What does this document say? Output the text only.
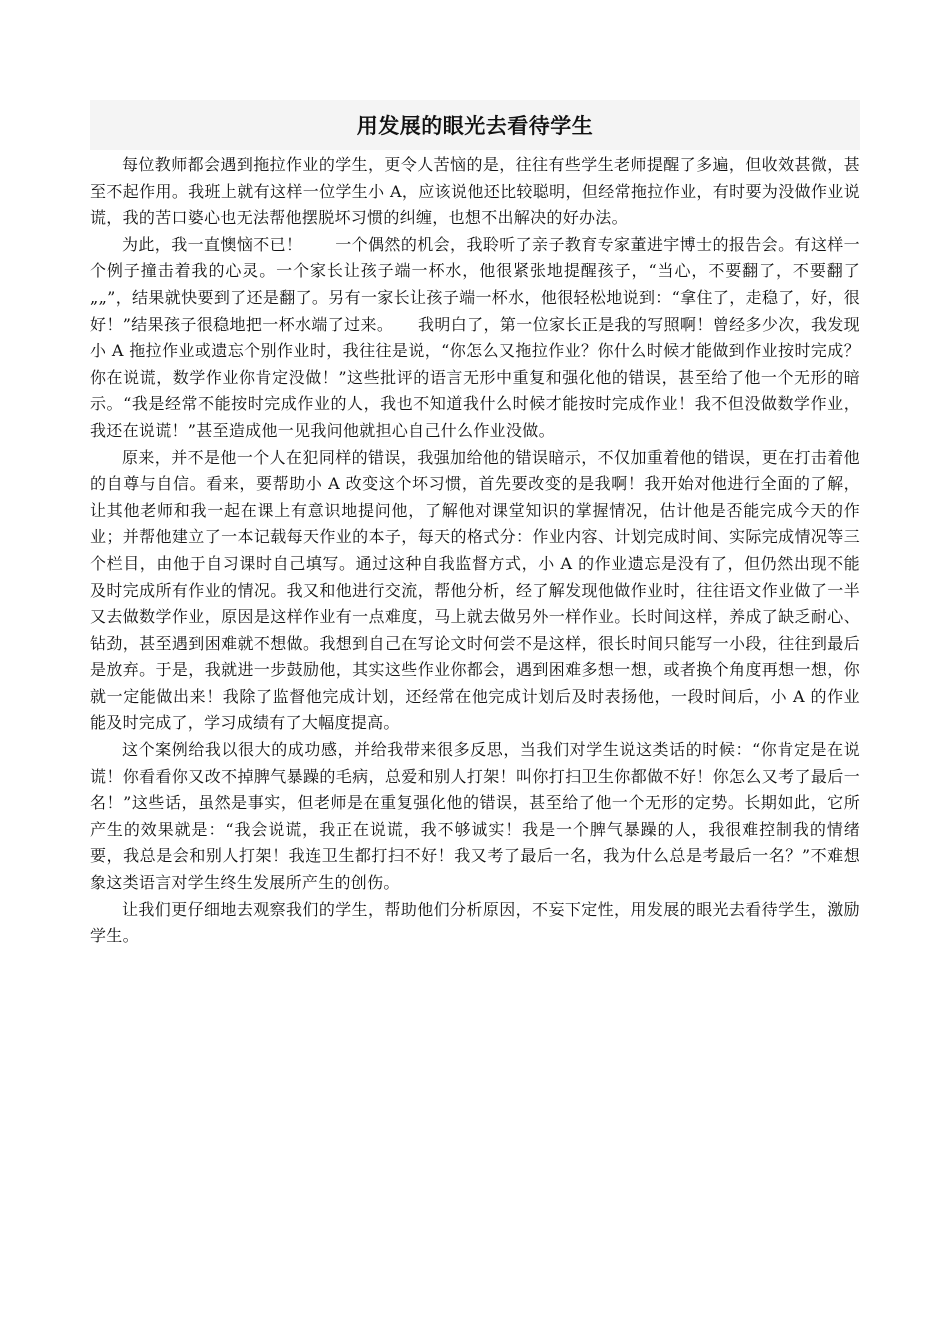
用发展的眼光去看待学生

每位教师都会遇到拖拉作业的学生，更令人苦恼的是，往往有些学生老师提醒了多遍，但收效甚微，甚至不起作用。我班上就有这样一位学生小 A，应该说他还比较聪明，但经常拖拉作业，有时要为没做作业说谎，我的苦口婆心也无法帮他摆脱坏习惯的纠缠，也想不出解决的好办法。

为此，我一直懊恼不已！　　一个偶然的机会，我聆听了亲子教育专家董进宇博士的报告会。有这样一个例子撞击着我的心灵。一个家长让孩子端一杯水，他很紧张地提醒孩子，“当心，不要翻了，不要翻了„„”，结果就快要到了还是翻了。另有一家长让孩子端一杯水，他很轻松地说到：“拿住了，走稳了，好，很好！”结果孩子很稳地把一杯水端了过来。　　我明白了，第一位家长正是我的写照啊！曾经多少次，我发现小 A 拖拉作业或遗忘个别作业时，我往往是说，“你怎么又拖拉作业？你什么时候才能做到作业按时完成？你在说谎，数学作业你肯定没做！”这些批评的语言无形中重复和强化他的错误，甚至给了他一个无形的暗示。“我是经常不能按时完成作业的人，我也不知道我什么时候才能按时完成作业！我不但没做数学作业，我还在说谎！”甚至造成他一见我问他就担心自己什么作业没做。

原来，并不是他一个人在犯同样的错误，我强加给他的错误暗示，不仅加重着他的错误，更在打击着他的自尊与自信。看来，要帮助小 A 改变这个坏习惯，首先要改变的是我啊！我开始对他进行全面的了解，让其他老师和我一起在课上有意识地提问他，了解他对课堂知识的掌握情况，估计他是否能完成今天的作业；并帮他建立了一本记载每天作业的本子，每天的格式分：作业内容、计划完成时间、实际完成情况等三个栏目，由他于自习课时自己填写。通过这种自我监督方式，小 A 的作业遗忘是没有了，但仍然出现不能及时完成所有作业的情况。我又和他进行交流，帮他分析，经了解发现他做作业时，往往语文作业做了一半又去做数学作业，原因是这样作业有一点难度，马上就去做另外一样作业。长时间这样，养成了缺乏耐心、钻劲，甚至遇到困难就不想做。我想到自己在写论文时何尝不是这样，很长时间只能写一小段，往往到最后是放弃。于是，我就进一步鼓励他，其实这些作业你都会，遇到困难多想一想，或者换个角度再想一想，你就一定能做出来！我除了监督他完成计划，还经常在他完成计划后及时表扬他，一段时间后，小 A 的作业能及时完成了，学习成绩有了大幅度提高。

这个案例给我以很大的成功感，并给我带来很多反思，当我们对学生说这类话的时候：“你肯定是在说谎！你看看你又改不掉脾气暴躁的毛病，总爱和别人打架！叫你打扫卫生你都做不好！你怎么又考了最后一名！”这些话，虽然是事实，但老师是在重复强化他的错误，甚至给了他一个无形的定势。长期如此，它所产生的效果就是：“我会说谎，我正在说谎，我不够诚实！我是一个脾气暴躁的人，我很难控制我的情绪要，我总是会和别人打架！我连卫生都打扫不好！我又考了最后一名，我为什么总是考最后一名？”不难想象这类语言对学生终生发展所产生的创伤。

让我们更仔细地去观察我们的学生，帮助他们分析原因，不妄下定性，用发展的眼光去看待学生，激励学生。
